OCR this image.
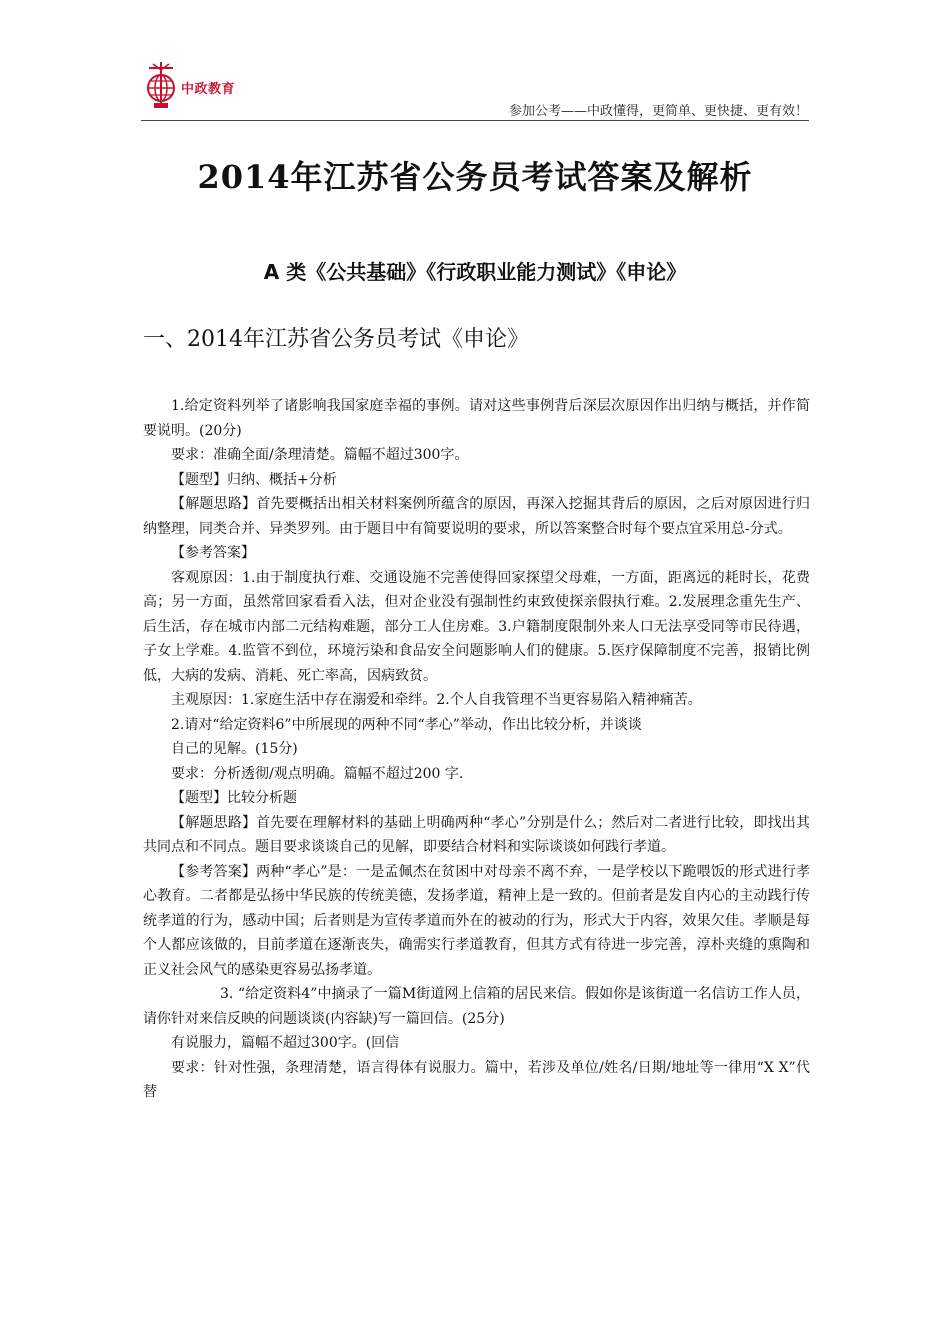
中政教育
参加公考——中政懂得，更简单、更快捷、更有效！
2014年江苏省公务员考试答案及解析
A 类《公共基础》《行政职业能力测试》《申论》
一、2014年江苏省公务员考试《申论》

1.给定资料列举了诸影响我国家庭幸福的事例。请对这些事例背后深层次原因作出归纳与概括，并作简要说明。(20分)

要求：准确全面/条理清楚。篇幅不超过300字。

【题型】归纳、概括+分析

【解题思路】首先要概括出相关材料案例所蕴含的原因，再深入挖掘其背后的原因，之后对原因进行归纳整理，同类合并、异类罗列。由于题目中有简要说明的要求，所以答案整合时每个要点宜采用总-分式。

【参考答案】

客观原因：1.由于制度执行难、交通设施不完善使得回家探望父母难，一方面，距离远的耗时长，花费高；另一方面，虽然常回家看看入法，但对企业没有强制性约束致使探亲假执行难。2.发展理念重先生产、后生活，存在城市内部二元结构难题，部分工人住房难。3.户籍制度限制外来人口无法享受同等市民待遇，子女上学难。4.监管不到位，环境污染和食品安全问题影响人们的健康。5.医疗保障制度不完善，报销比例低，大病的发病、消耗、死亡率高，因病致贫。

主观原因：1.家庭生活中存在溺爱和牵绊。2.个人自我管理不当更容易陷入精神痛苦。

2.请对“给定资料6”中所展现的两种不同“孝心”举动，作出比较分析，并谈谈

自己的见解。(15分)

要求：分析透彻/观点明确。篇幅不超过200 字.

【题型】比较分析题

【解题思路】首先要在理解材料的基础上明确两种“孝心”分别是什么；然后对二者进行比较，即找出其共同点和不同点。题目要求谈谈自己的见解，即要结合材料和实际谈谈如何践行孝道。

【参考答案】两种“孝心”是：一是孟佩杰在贫困中对母亲不离不弃，一是学校以下跪喂饭的形式进行孝心教育。二者都是弘扬中华民族的传统美德，发扬孝道，精神上是一致的。但前者是发自内心的主动践行传统孝道的行为，感动中国；后者则是为宣传孝道而外在的被动的行为，形式大于内容，效果欠佳。孝顺是每个人都应该做的，目前孝道在逐渐丧失，确需实行孝道教育，但其方式有待进一步完善，淳朴夹缝的熏陶和正义社会风气的感染更容易弘扬孝道。

3. “给定资料4”中摘录了一篇M街道网上信箱的居民来信。假如你是该街道一名信访工作人员，请你针对来信反映的问题谈谈(内容缺)写一篇回信。(25分)

有说服力，篇幅不超过300字。(回信

要求：针对性强，条理清楚，语言得体有说服力。篇中，若涉及单位/姓名/日期/地址等一律用“X X”代替
